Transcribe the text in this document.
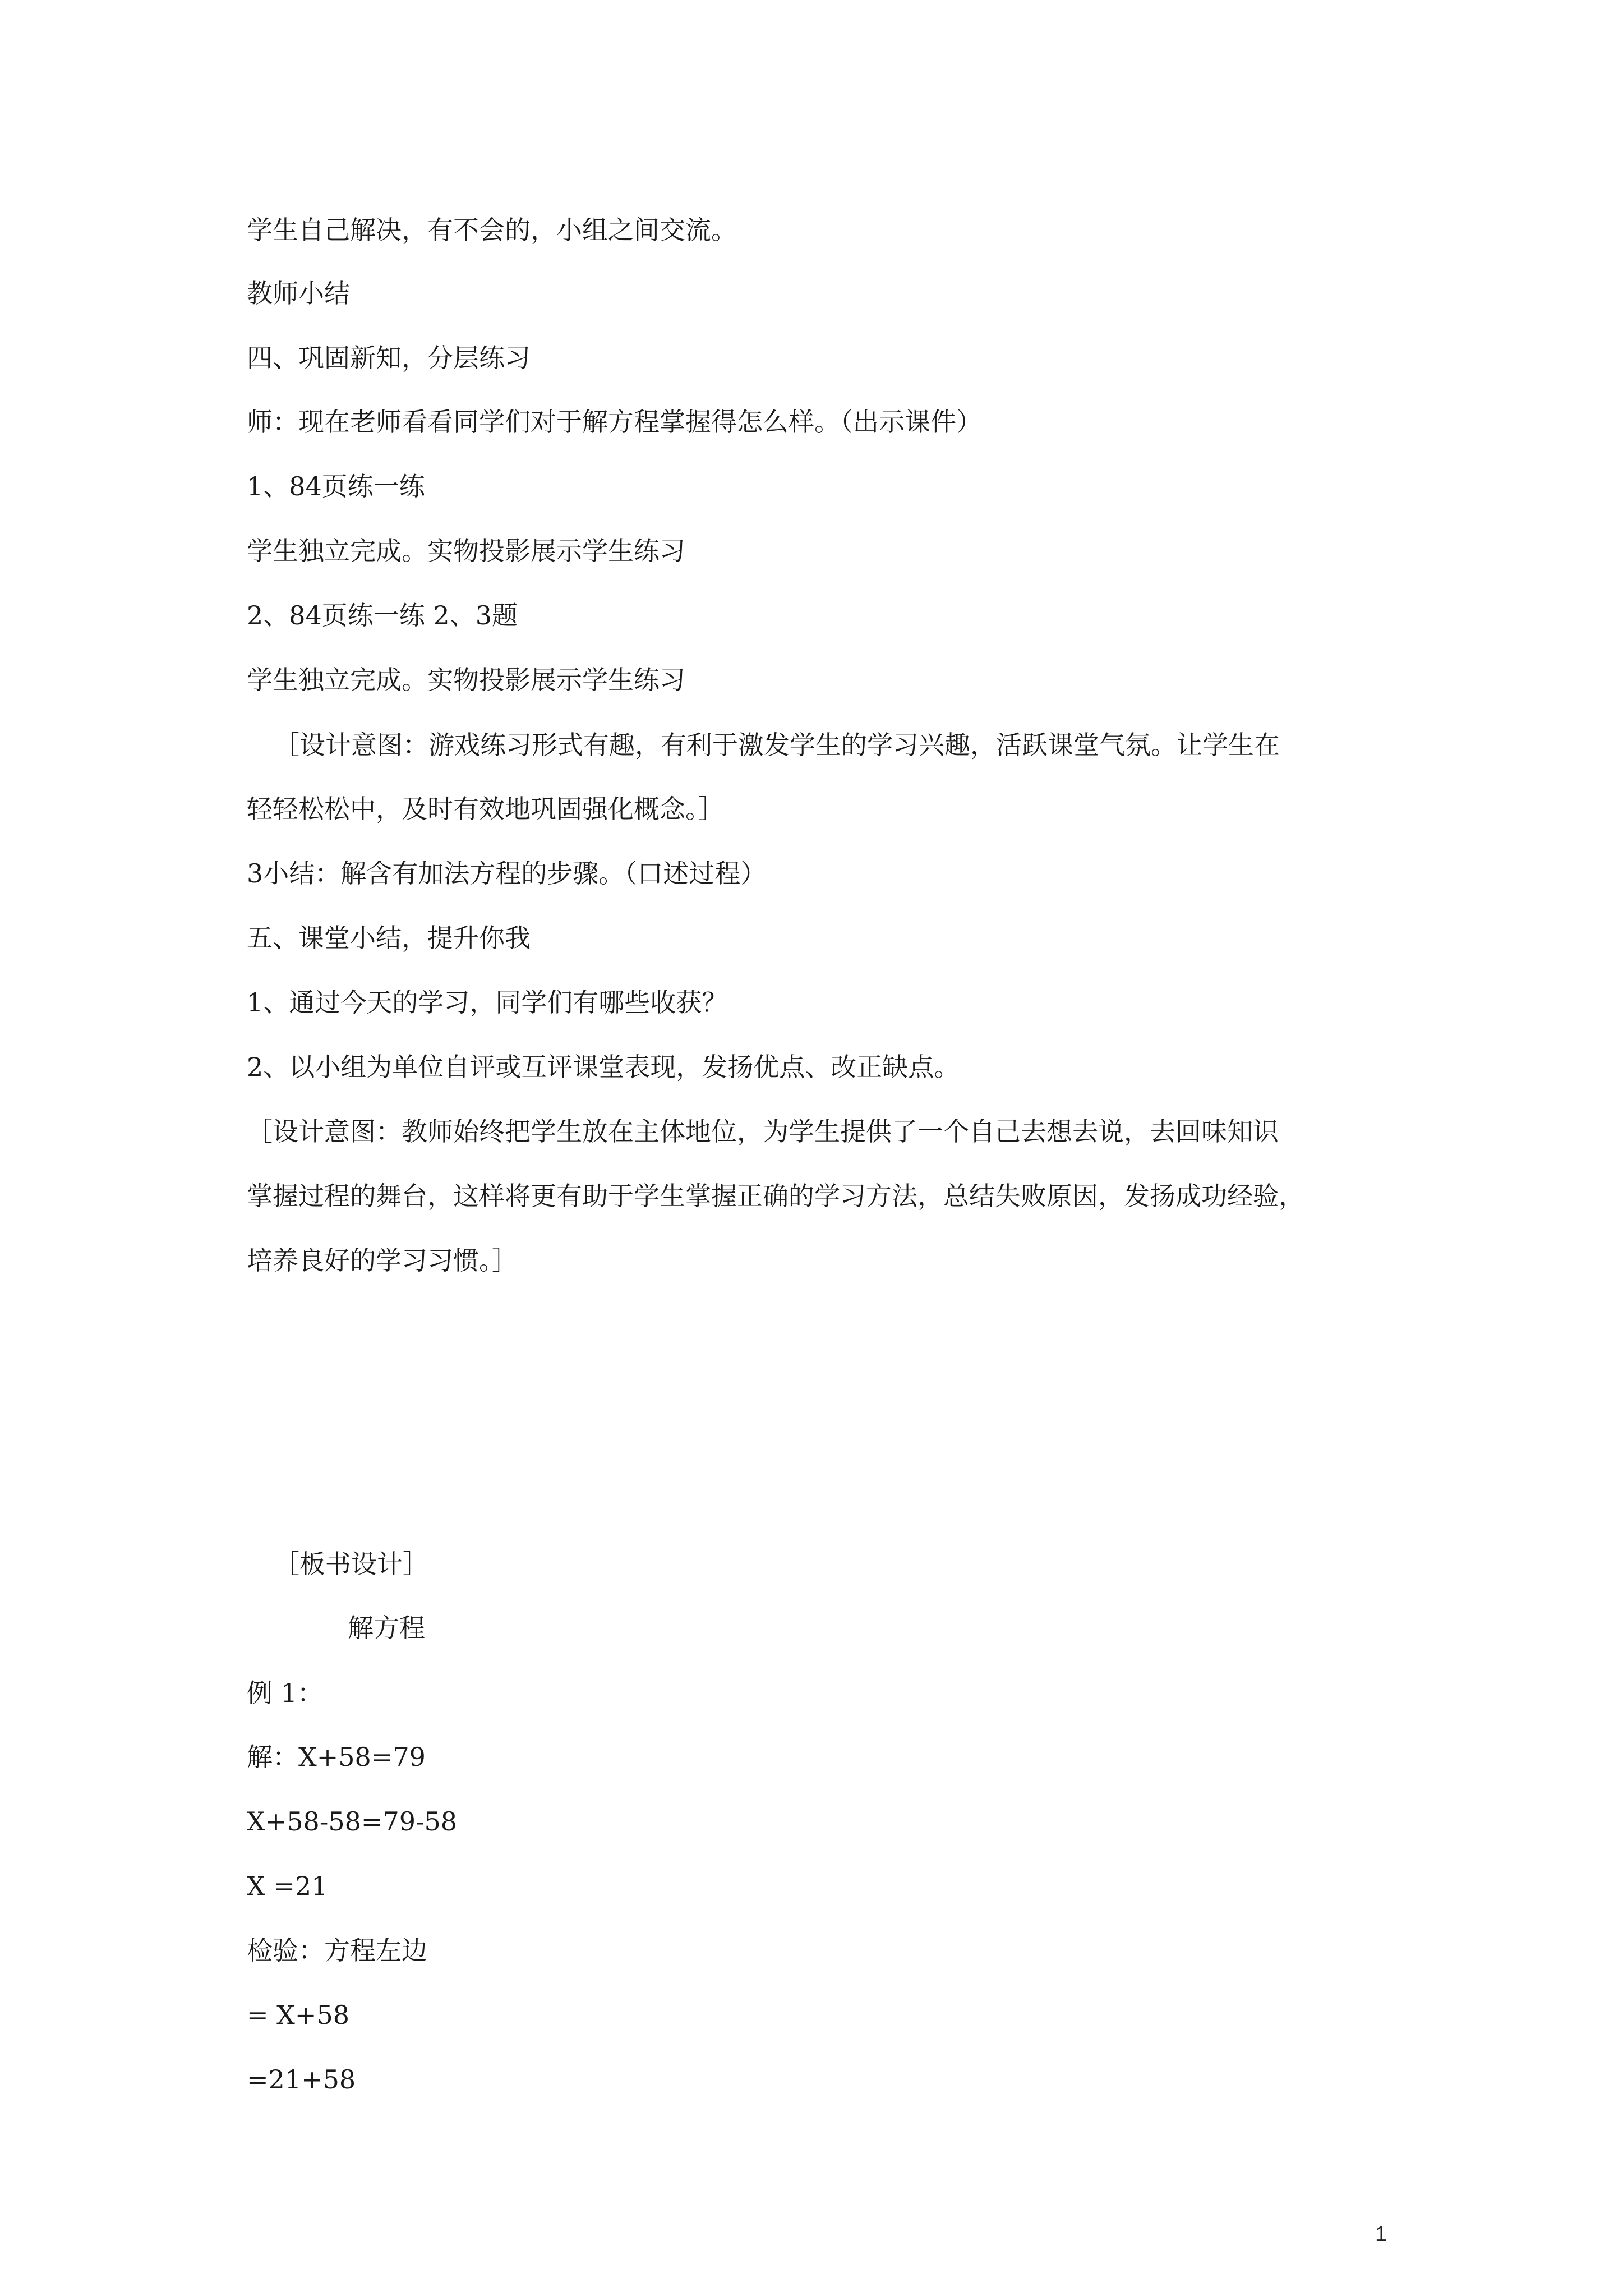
学生自己解决，有不会的，小组之间交流。
教师小结
四、巩固新知，分层练习
师：现在老师看看同学们对于解方程掌握得怎么样。（出示课件）
1、84页练一练
学生独立完成。实物投影展示学生练习
2、84页练一练 2、3题
学生独立完成。实物投影展示学生练习
［设计意图：游戏练习形式有趣，有利于激发学生的学习兴趣，活跃课堂气氛。让学生在
轻轻松松中，及时有效地巩固强化概念。］
3小结：解含有加法方程的步骤。（口述过程）
五、课堂小结，提升你我
1、通过今天的学习，同学们有哪些收获？
2、以小组为单位自评或互评课堂表现，发扬优点、改正缺点。
［设计意图：教师始终把学生放在主体地位，为学生提供了一个自己去想去说，去回味知识
掌握过程的舞台，这样将更有助于学生掌握正确的学习方法，总结失败原因，发扬成功经验，
培养良好的学习习惯。］
［板书设计］
解方程
例 1：
解：X+58=79
X+58-58=79-58
X =21
检验：方程左边
= X+58
=21+58
1
